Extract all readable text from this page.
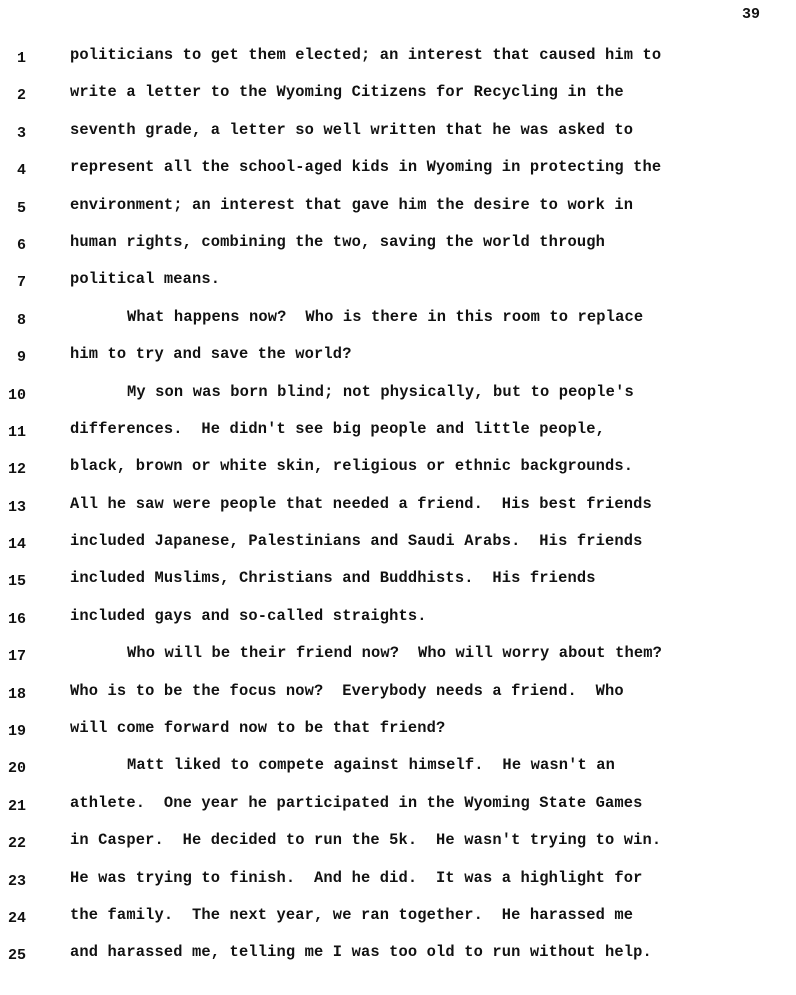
39
1	politicians to get them elected; an interest that caused him to
2	write a letter to the Wyoming Citizens for Recycling in the
3	seventh grade, a letter so well written that he was asked to
4	represent all the school-aged kids in Wyoming in protecting the
5	environment; an interest that gave him the desire to work in
6	human rights, combining the two, saving the world through
7	political means.
8	What happens now?  Who is there in this room to replace
9	him to try and save the world?
10	My son was born blind; not physically, but to people's
11	differences.  He didn't see big people and little people,
12	black, brown or white skin, religious or ethnic backgrounds.
13	All he saw were people that needed a friend.  His best friends
14	included Japanese, Palestinians and Saudi Arabs.  His friends
15	included Muslims, Christians and Buddhists.  His friends
16	included gays and so-called straights.
17	Who will be their friend now?  Who will worry about them?
18	Who is to be the focus now?  Everybody needs a friend.  Who
19	will come forward now to be that friend?
20	Matt liked to compete against himself.  He wasn't an
21	athlete.  One year he participated in the Wyoming State Games
22	in Casper.  He decided to run the 5k.  He wasn't trying to win.
23	He was trying to finish.  And he did.  It was a highlight for
24	the family.  The next year, we ran together.  He harassed me
25	and harassed me, telling me I was too old to run without help.
